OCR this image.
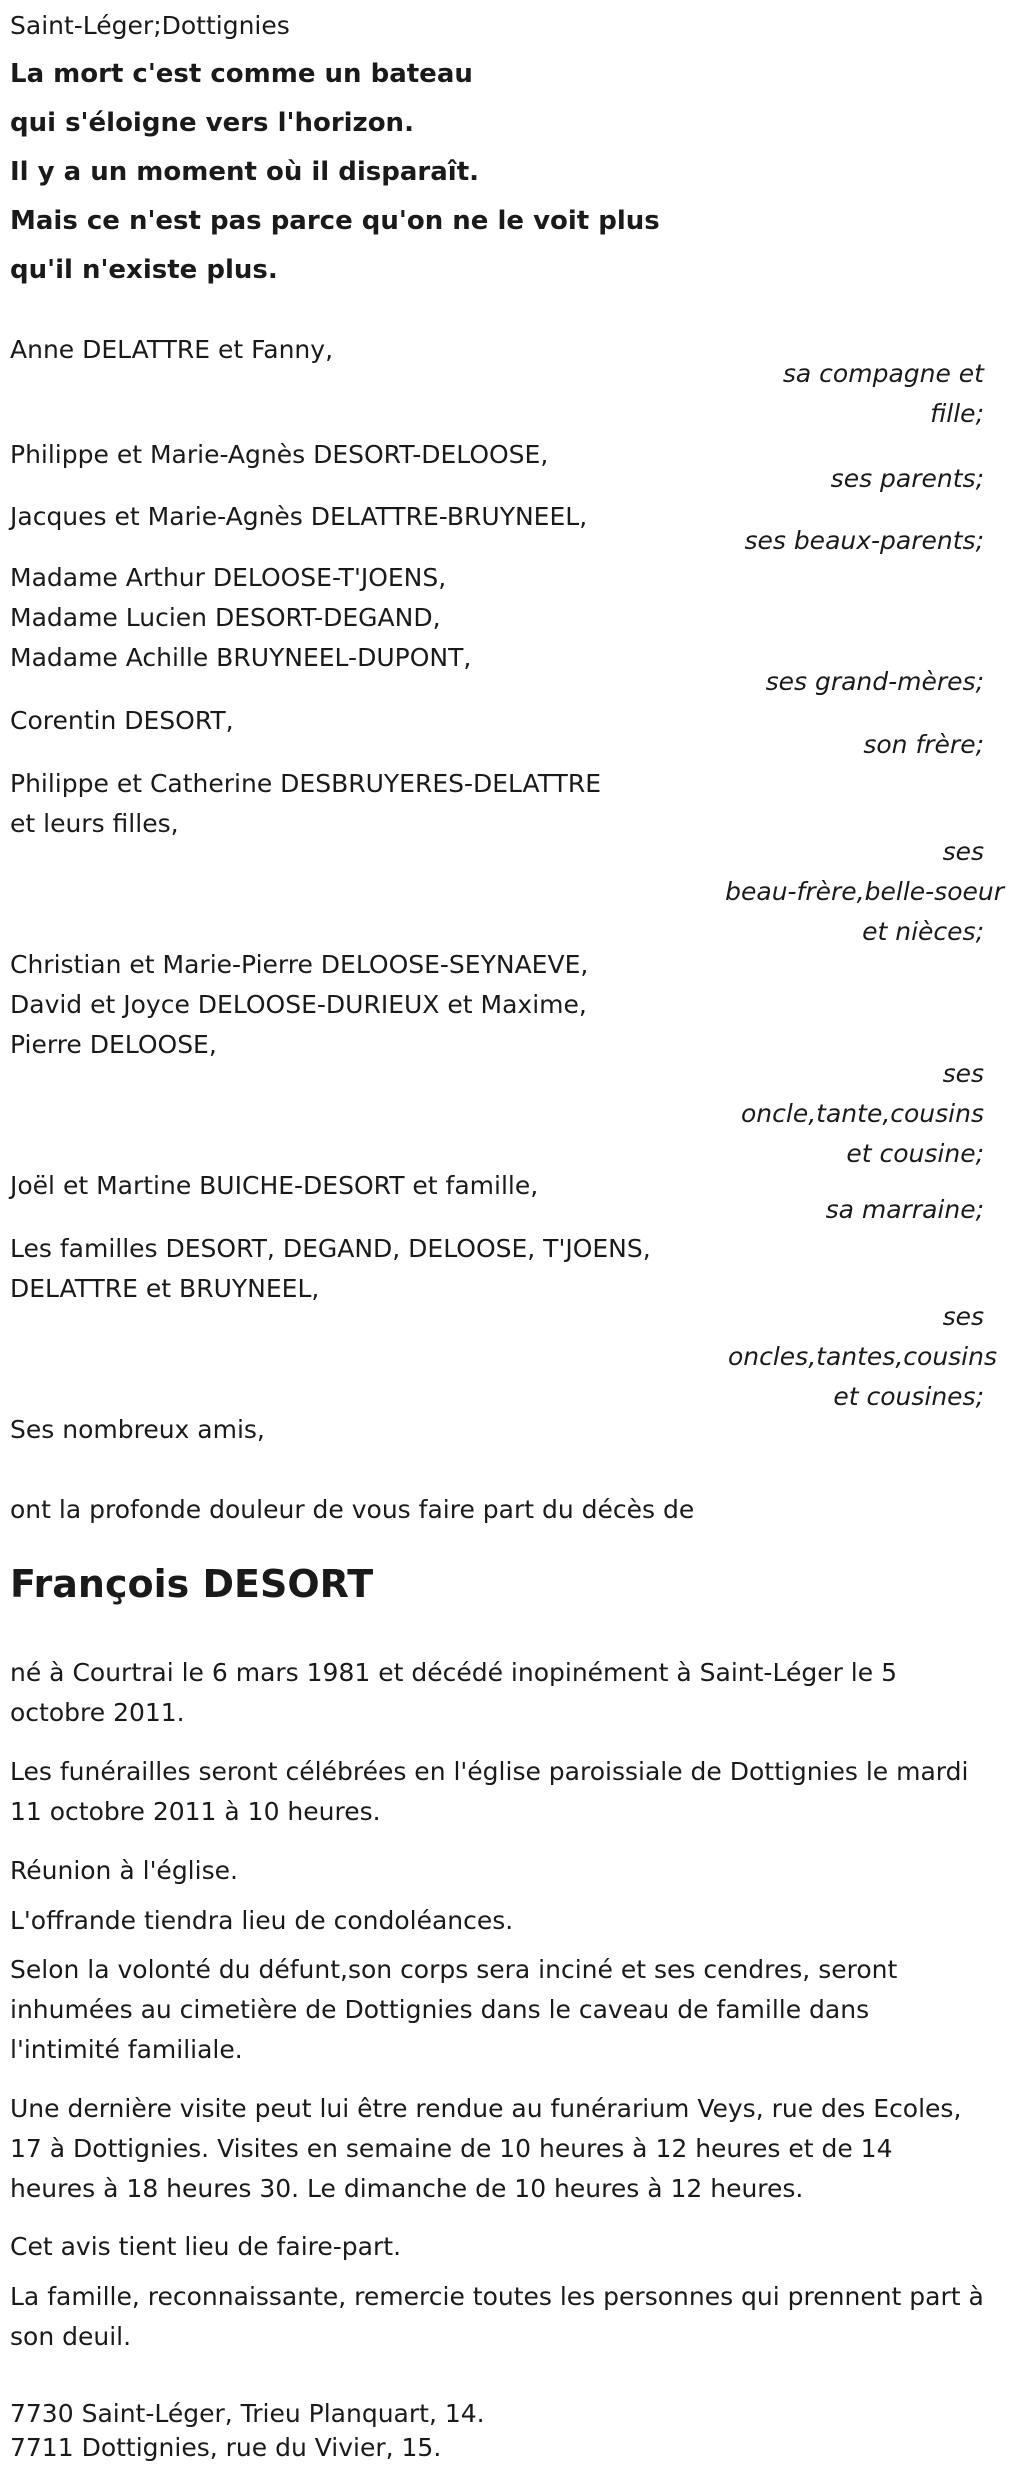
Saint-Léger;Dottignies
La mort c'est comme un bateau
qui s'éloigne vers l'horizon.
Il y a un moment où il disparaît.
Mais ce n'est pas parce qu'on ne le voit plus
qu'il n'existe plus.
Anne DELATTRE et Fanny,
sa compagne et
fille;
Philippe et Marie-Agnès DESORT-DELOOSE,
ses parents;
Jacques et Marie-Agnès DELATTRE-BRUYNEEL,
ses beaux-parents;
Madame Arthur DELOOSE-T'JOENS,
Madame Lucien DESORT-DEGAND,
Madame Achille BRUYNEEL-DUPONT,
ses grand-mères;
Corentin DESORT,
son frère;
Philippe et Catherine DESBRUYERES-DELATTRE
et leurs filles,
ses
beau-frère,belle-soeur
et nièces;
Christian et Marie-Pierre DELOOSE-SEYNAEVE,
David et Joyce DELOOSE-DURIEUX et Maxime,
Pierre DELOOSE,
ses
oncle,tante,cousins
et cousine;
Joël et Martine BUICHE-DESORT et famille,
sa marraine;
Les familles DESORT, DEGAND, DELOOSE, T'JOENS,
DELATTRE et BRUYNEEL,
ses
oncles,tantes,cousins
et cousines;
Ses nombreux amis,
ont la profonde douleur de vous faire part du décès de
François DESORT
né à Courtrai le 6 mars 1981 et décédé inopinément à Saint-Léger le 5 octobre 2011.
Les funérailles seront célébrées en l'église paroissiale de Dottignies le mardi 11 octobre 2011 à 10 heures.
Réunion à l'église.
L'offrande tiendra lieu de condoléances.
Selon la volonté du défunt,son corps sera inciné et ses cendres, seront inhumées au cimetière de Dottignies dans le caveau de famille dans l'intimité familiale.
Une dernière visite peut lui être rendue au funérarium Veys, rue des Ecoles, 17 à Dottignies. Visites en semaine de 10 heures à 12 heures et de 14 heures à 18 heures 30. Le dimanche de 10 heures à 12 heures.
Cet avis tient lieu de faire-part.
La famille, reconnaissante, remercie toutes les personnes qui prennent part à son deuil.
7730 Saint-Léger, Trieu Planquart, 14.
7711 Dottignies, rue du Vivier, 15.
